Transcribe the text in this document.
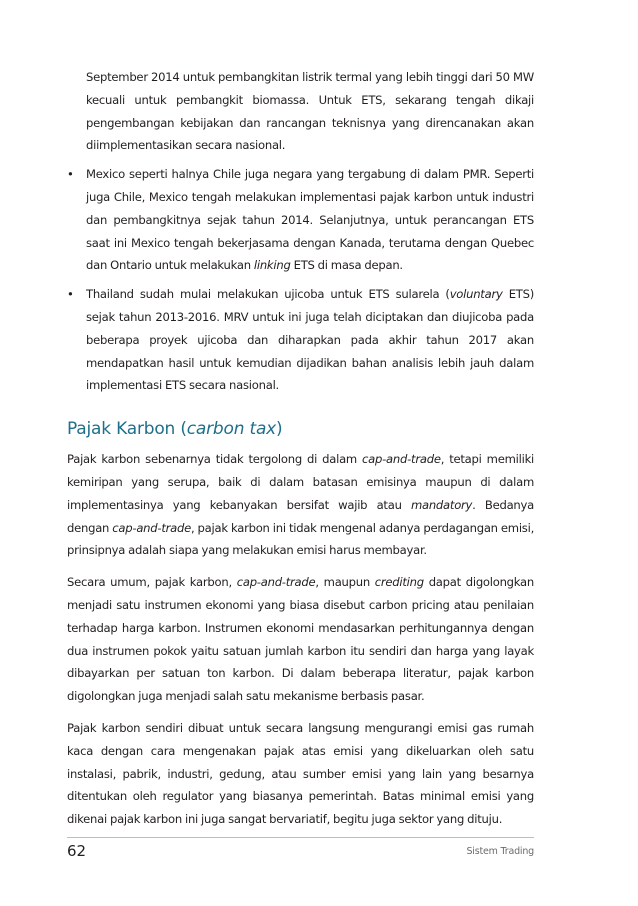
September 2014 untuk pembangkitan listrik termal yang lebih tinggi dari 50 MW kecuali untuk pembangkit biomassa. Untuk ETS, sekarang tengah dikaji pengembangan kebijakan dan rancangan teknisnya yang direncanakan akan diimplementasikan secara nasional.

• Mexico seperti halnya Chile juga negara yang tergabung di dalam PMR. Seperti juga Chile, Mexico tengah melakukan implementasi pajak karbon untuk industri dan pembangkitnya sejak tahun 2014. Selanjutnya, untuk perancangan ETS saat ini Mexico tengah bekerjasama dengan Kanada, terutama dengan Quebec dan Ontario untuk melakukan linking ETS di masa depan.

• Thailand sudah mulai melakukan ujicoba untuk ETS sularela (voluntary ETS) sejak tahun 2013-2016. MRV untuk ini juga telah diciptakan dan diujicoba pada beberapa proyek ujicoba dan diharapkan pada akhir tahun 2017 akan mendapatkan hasil untuk kemudian dijadikan bahan analisis lebih jauh dalam implementasi ETS secara nasional.

Pajak Karbon (carbon tax)

Pajak karbon sebenarnya tidak tergolong di dalam cap-and-trade, tetapi memiliki kemiripan yang serupa, baik di dalam batasan emisinya maupun di dalam implementasinya yang kebanyakan bersifat wajib atau mandatory. Bedanya dengan cap-and-trade, pajak karbon ini tidak mengenal adanya perdagangan emisi, prinsipnya adalah siapa yang melakukan emisi harus membayar.

Secara umum, pajak karbon, cap-and-trade, maupun crediting dapat digolongkan menjadi satu instrumen ekonomi yang biasa disebut carbon pricing atau penilaian terhadap harga karbon. Instrumen ekonomi mendasarkan perhitungannya dengan dua instrumen pokok yaitu satuan jumlah karbon itu sendiri dan harga yang layak dibayarkan per satuan ton karbon. Di dalam beberapa literatur, pajak karbon digolongkan juga menjadi salah satu mekanisme berbasis pasar.

Pajak karbon sendiri dibuat untuk secara langsung mengurangi emisi gas rumah kaca dengan cara mengenakan pajak atas emisi yang dikeluarkan oleh satu instalasi, pabrik, industri, gedung, atau sumber emisi yang lain yang besarnya ditentukan oleh regulator yang biasanya pemerintah. Batas minimal emisi yang dikenai pajak karbon ini juga sangat bervariatif, begitu juga sektor yang dituju.

62	Sistem Trading
